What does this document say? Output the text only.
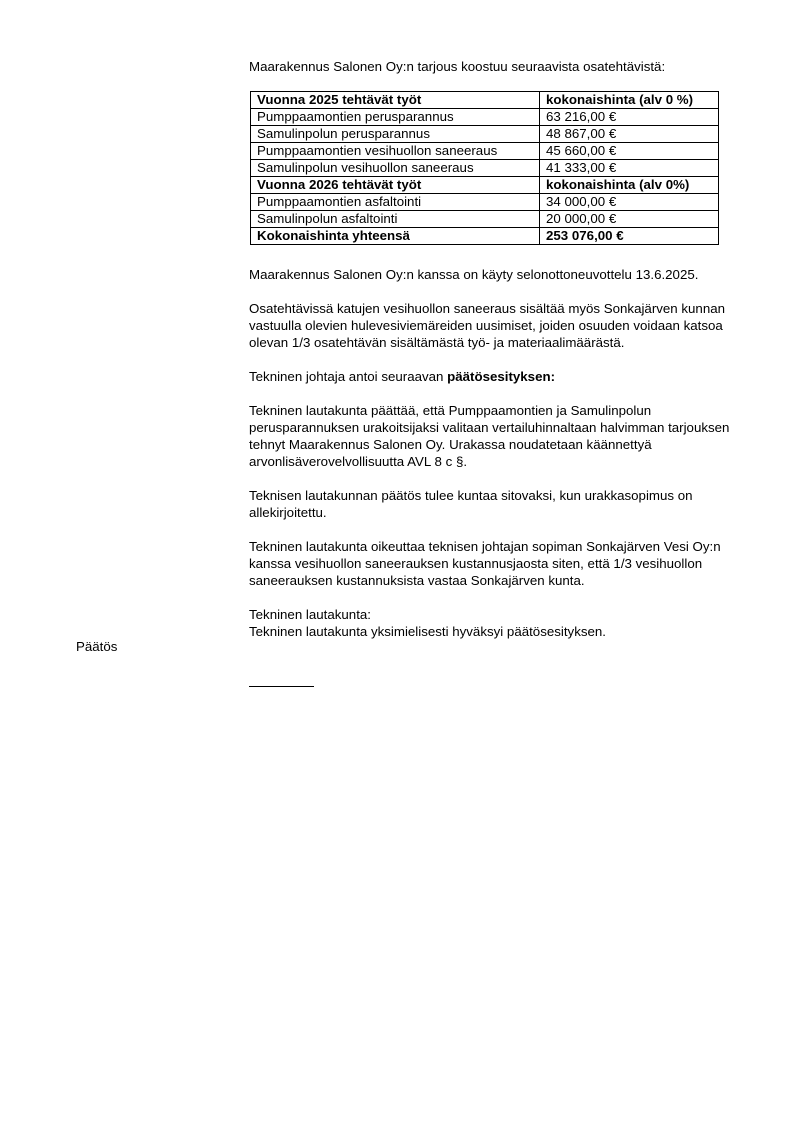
Maarakennus Salonen Oy:n tarjous koostuu seuraavista osatehtävistä:

Vuonna 2025 tehtävät työt	kokonaishinta (alv 0 %)
Pumppaamontien perusparannus	63 216,00 €
Samulinpolun perusparannus	48 867,00 €
Pumppaamontien vesihuollon saneeraus	45 660,00 €
Samulinpolun vesihuollon saneeraus	41 333,00 €
Vuonna 2026 tehtävät työt	kokonaishinta (alv 0%)
Pumppaamontien asfaltointi	34 000,00 €
Samulinpolun asfaltointi	20 000,00 €
Kokonaishinta yhteensä	253 076,00 €

Maarakennus Salonen Oy:n kanssa on käyty selonottoneuvottelu 13.6.2025.

Osatehtävissä katujen vesihuollon saneeraus sisältää myös Sonkajärven kunnan vastuulla olevien hulevesiviemäreiden uusimiset, joiden osuuden voidaan katsoa olevan 1/3 osatehtävän sisältämästä työ- ja materiaalimäärästä.

Tekninen johtaja antoi seuraavan päätösesityksen:

Tekninen lautakunta päättää, että Pumppaamontien ja Samulinpolun perusparannuksen urakoitsijaksi valitaan vertailuhinnaltaan halvimman tarjouksen tehnyt Maarakennus Salonen Oy. Urakassa noudatetaan käännettyä arvonlisäverovelvollisuutta AVL 8 c §.

Teknisen lautakunnan päätös tulee kuntaa sitovaksi, kun urakkasopimus on allekirjoitettu.

Tekninen lautakunta oikeuttaa teknisen johtajan sopiman Sonkajärven Vesi Oy:n kanssa vesihuollon saneerauksen kustannusjaosta siten, että 1/3 vesihuollon saneerauksen kustannuksista vastaa Sonkajärven kunta.

Tekninen lautakunta:

Tekninen lautakunta yksimielisesti hyväksyi päätösesityksen.

Päätös
